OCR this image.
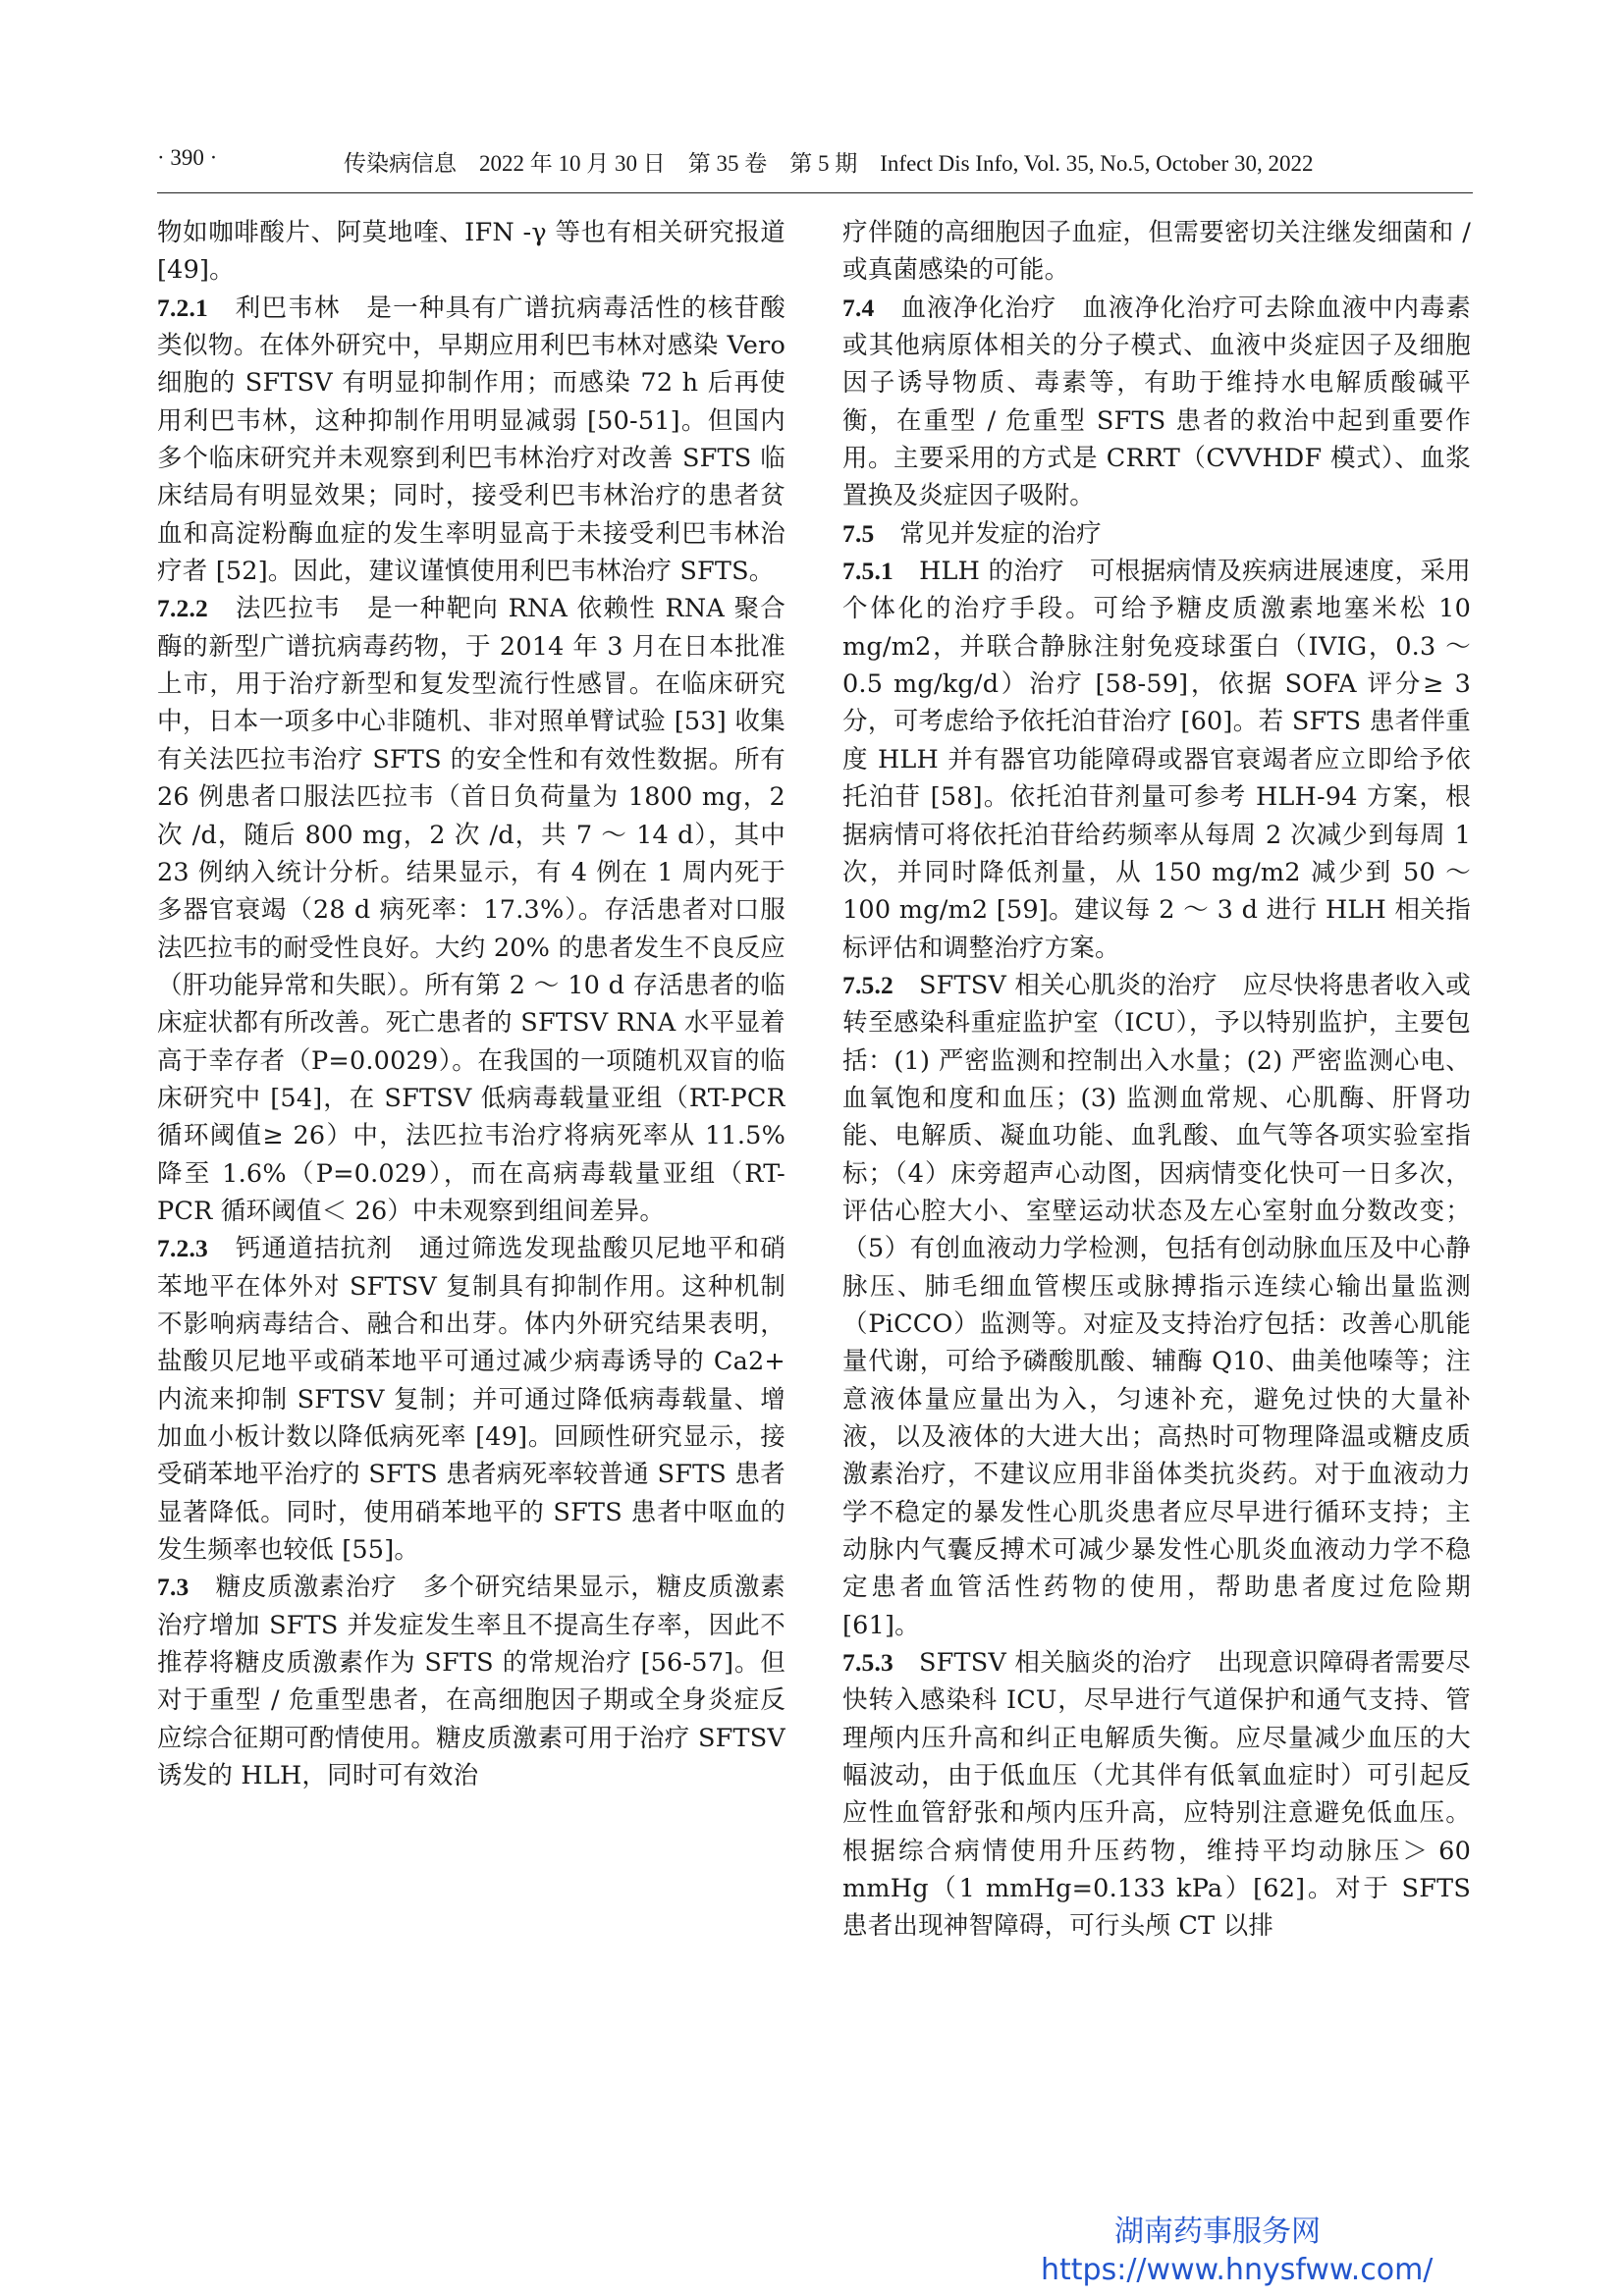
· 390 ·	传染病信息　2022 年 10 月 30 日　第 35 卷　第 5 期　Infect Dis Info, Vol. 35, No.5, October 30, 2022

物如咖啡酸片、阿莫地喹、IFN -γ 等也有相关研究报道 [49]。

7.2.1　 利巴韦林　是一种具有广谱抗病毒活性的核苷酸类似物。在体外研究中，早期应用利巴韦林对感染 Vero 细胞的 SFTSV 有明显抑制作用；而感染 72 h 后再使用利巴韦林，这种抑制作用明显减弱 [50-51]。但国内多个临床研究并未观察到利巴韦林治疗对改善 SFTS 临床结局有明显效果；同时，接受利巴韦林治疗的患者贫血和高淀粉酶血症的发生率明显高于未接受利巴韦林治疗者 [52]。因此，建议谨慎使用利巴韦林治疗 SFTS。

7.2.2　 法匹拉韦　是一种靶向 RNA 依赖性 RNA 聚合酶的新型广谱抗病毒药物，于 2014 年 3 月在日本批准上市，用于治疗新型和复发型流行性感冒。在临床研究中，日本一项多中心非随机、非对照单臂试验 [53] 收集有关法匹拉韦治疗 SFTS 的安全性和有效性数据。所有 26 例患者口服法匹拉韦（首日负荷量为 1800 mg，2 次 /d，随后 800 mg，2 次 /d，共 7 ～ 14 d），其中 23 例纳入统计分析。结果显示，有 4 例在 1 周内死于多器官衰竭（28 d 病死率：17.3%）。存活患者对口服法匹拉韦的耐受性良好。大约 20% 的患者发生不良反应（肝功能异常和失眠）。所有第 2 ～ 10 d 存活患者的临床症状都有所改善。死亡患者的 SFTSV RNA 水平显着高于幸存者（P=0.0029）。在我国的一项随机双盲的临床研究中 [54]，在 SFTSV 低病毒载量亚组（RT-PCR 循环阈值≥ 26）中，法匹拉韦治疗将病死率从 11.5% 降至 1.6%（P=0.029），而在高病毒载量亚组（RT-PCR 循环阈值＜ 26）中未观察到组间差异。

7.2.3　 钙通道拮抗剂　通过筛选发现盐酸贝尼地平和硝苯地平在体外对 SFTSV 复制具有抑制作用。这种机制不影响病毒结合、融合和出芽。体内外研究结果表明，盐酸贝尼地平或硝苯地平可通过减少病毒诱导的 Ca2+ 内流来抑制 SFTSV 复制；并可通过降低病毒载量、增加血小板计数以降低病死率 [49]。回顾性研究显示，接受硝苯地平治疗的 SFTS 患者病死率较普通 SFTS 患者显著降低。同时，使用硝苯地平的 SFTS 患者中呕血的发生频率也较低 [55]。

7.3　 糖皮质激素治疗　多个研究结果显示，糖皮质激素治疗增加 SFTS 并发症发生率且不提高生存率，因此不推荐将糖皮质激素作为 SFTS 的常规治疗 [56-57]。但对于重型 / 危重型患者，在高细胞因子期或全身炎症反应综合征期可酌情使用。糖皮质激素可用于治疗 SFTSV 诱发的 HLH，同时可有效治

疗伴随的高细胞因子血症，但需要密切关注继发细菌和 / 或真菌感染的可能。

7.4　 血液净化治疗　血液净化治疗可去除血液中内毒素或其他病原体相关的分子模式、血液中炎症因子及细胞因子诱导物质、毒素等，有助于维持水电解质酸碱平衡，在重型 / 危重型 SFTS 患者的救治中起到重要作用。主要采用的方式是 CRRT（CVVHDF 模式）、血浆置换及炎症因子吸附。

7.5　 常见并发症的治疗

7.5.1　 HLH 的治疗　可根据病情及疾病进展速度，采用个体化的治疗手段。可给予糖皮质激素地塞米松 10 mg/m2，并联合静脉注射免疫球蛋白（IVIG，0.3 ～ 0.5 mg/kg/d）治疗 [58-59]，依据 SOFA 评分≥ 3 分，可考虑给予依托泊苷治疗 [60]。若 SFTS 患者伴重度 HLH 并有器官功能障碍或器官衰竭者应立即给予依托泊苷 [58]。依托泊苷剂量可参考 HLH-94 方案，根据病情可将依托泊苷给药频率从每周 2 次减少到每周 1 次，并同时降低剂量，从 150 mg/m2 减少到 50 ～ 100 mg/m2 [59]。建议每 2 ～ 3 d 进行 HLH 相关指标评估和调整治疗方案。

7.5.2　 SFTSV 相关心肌炎的治疗　应尽快将患者收入或转至感染科重症监护室（ICU），予以特别监护，主要包括：(1) 严密监测和控制出入水量；(2) 严密监测心电、血氧饱和度和血压；(3) 监测血常规、心肌酶、肝肾功能、电解质、凝血功能、血乳酸、血气等各项实验室指标；（4）床旁超声心动图，因病情变化快可一日多次，评估心腔大小、室壁运动状态及左心室射血分数改变；（5）有创血液动力学检测，包括有创动脉血压及中心静脉压、肺毛细血管楔压或脉搏指示连续心输出量监测（PiCCO）监测等。对症及支持治疗包括：改善心肌能量代谢，可给予磷酸肌酸、辅酶 Q10、曲美他嗪等；注意液体量应量出为入，匀速补充，避免过快的大量补液，以及液体的大进大出；高热时可物理降温或糖皮质激素治疗，不建议应用非甾体类抗炎药。对于血液动力学不稳定的暴发性心肌炎患者应尽早进行循环支持；主动脉内气囊反搏术可减少暴发性心肌炎血液动力学不稳定患者血管活性药物的使用，帮助患者度过危险期 [61]。

7.5.3　 SFTSV 相关脑炎的治疗　出现意识障碍者需要尽快转入感染科 ICU，尽早进行气道保护和通气支持、管理颅内压升高和纠正电解质失衡。应尽量减少血压的大幅波动，由于低血压（尤其伴有低氧血症时）可引起反应性血管舒张和颅内压升高，应特别注意避免低血压。根据综合病情使用升压药物，维持平均动脉压＞ 60 mmHg（1 mmHg=0.133 kPa）[62]。对于 SFTS 患者出现神智障碍，可行头颅 CT 以排

湖南药事服务网
https://www.hnysfww.com/
